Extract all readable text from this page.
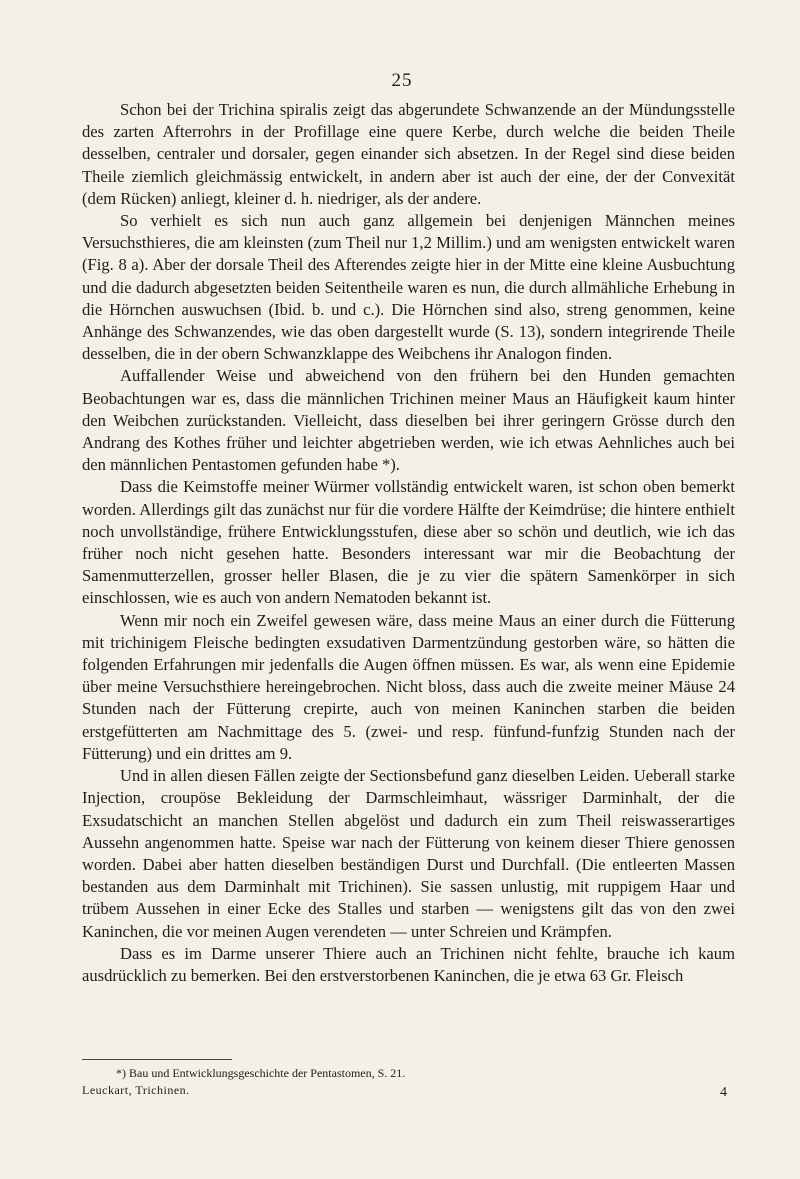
25

Schon bei der Trichina spiralis zeigt das abgerundete Schwanzende an der Mündungsstelle des zarten Afterrohrs in der Profillage eine quere Kerbe, durch welche die beiden Theile desselben, centraler und dorsaler, gegen einander sich absetzen. In der Regel sind diese beiden Theile ziemlich gleichmässig entwickelt, in andern aber ist auch der eine, der der Convexität (dem Rücken) anliegt, kleiner d. h. niedriger, als der andere.

So verhielt es sich nun auch ganz allgemein bei denjenigen Männchen meines Versuchsthieres, die am kleinsten (zum Theil nur 1,2 Millim.) und am wenigsten entwickelt waren (Fig. 8 a). Aber der dorsale Theil des Afterendes zeigte hier in der Mitte eine kleine Ausbuchtung und die dadurch abgesetzten beiden Seitentheile waren es nun, die durch allmähliche Erhebung in die Hörnchen auswuchsen (Ibid. b. und c.). Die Hörnchen sind also, streng genommen, keine Anhänge des Schwanzendes, wie das oben dargestellt wurde (S. 13), sondern integrirende Theile desselben, die in der obern Schwanzklappe des Weibchens ihr Analogon finden.

Auffallender Weise und abweichend von den frühern bei den Hunden gemachten Beobachtungen war es, dass die männlichen Trichinen meiner Maus an Häufigkeit kaum hinter den Weibchen zurückstanden. Vielleicht, dass dieselben bei ihrer geringern Grösse durch den Andrang des Kothes früher und leichter abgetrieben werden, wie ich etwas Aehnliches auch bei den männlichen Pentastomen gefunden habe *).

Dass die Keimstoffe meiner Würmer vollständig entwickelt waren, ist schon oben bemerkt worden. Allerdings gilt das zunächst nur für die vordere Hälfte der Keimdrüse; die hintere enthielt noch unvollständige, frühere Entwicklungsstufen, diese aber so schön und deutlich, wie ich das früher noch nicht gesehen hatte. Besonders interessant war mir die Beobachtung der Samenmutterzellen, grosser heller Blasen, die je zu vier die spätern Samenkörper in sich einschlossen, wie es auch von andern Nematoden bekannt ist.

Wenn mir noch ein Zweifel gewesen wäre, dass meine Maus an einer durch die Fütterung mit trichinigem Fleische bedingten exsudativen Darmentzündung gestorben wäre, so hätten die folgenden Erfahrungen mir jedenfalls die Augen öffnen müssen. Es war, als wenn eine Epidemie über meine Versuchsthiere hereingebrochen. Nicht bloss, dass auch die zweite meiner Mäuse 24 Stunden nach der Fütterung crepirte, auch von meinen Kaninchen starben die beiden erstgefütterten am Nachmittage des 5. (zwei- und resp. fünfund-funfzig Stunden nach der Fütterung) und ein drittes am 9.

Und in allen diesen Fällen zeigte der Sectionsbefund ganz dieselben Leiden. Ueberall starke Injection, croupöse Bekleidung der Darmschleimhaut, wässriger Darminhalt, der die Exsudatschicht an manchen Stellen abgelöst und dadurch ein zum Theil reiswasserartiges Aussehn angenommen hatte. Speise war nach der Fütterung von keinem dieser Thiere genossen worden. Dabei aber hatten dieselben beständigen Durst und Durchfall. (Die entleerten Massen bestanden aus dem Darminhalt mit Trichinen). Sie sassen unlustig, mit ruppigem Haar und trübem Aussehen in einer Ecke des Stalles und starben — wenigstens gilt das von den zwei Kaninchen, die vor meinen Augen verendeten — unter Schreien und Krämpfen.

Dass es im Darme unserer Thiere auch an Trichinen nicht fehlte, brauche ich kaum ausdrücklich zu bemerken. Bei den erstverstorbenen Kaninchen, die je etwa 63 Gr. Fleisch

*) Bau und Entwicklungsgeschichte der Pentastomen, S. 21.
Leuckart, Trichinen.	4
